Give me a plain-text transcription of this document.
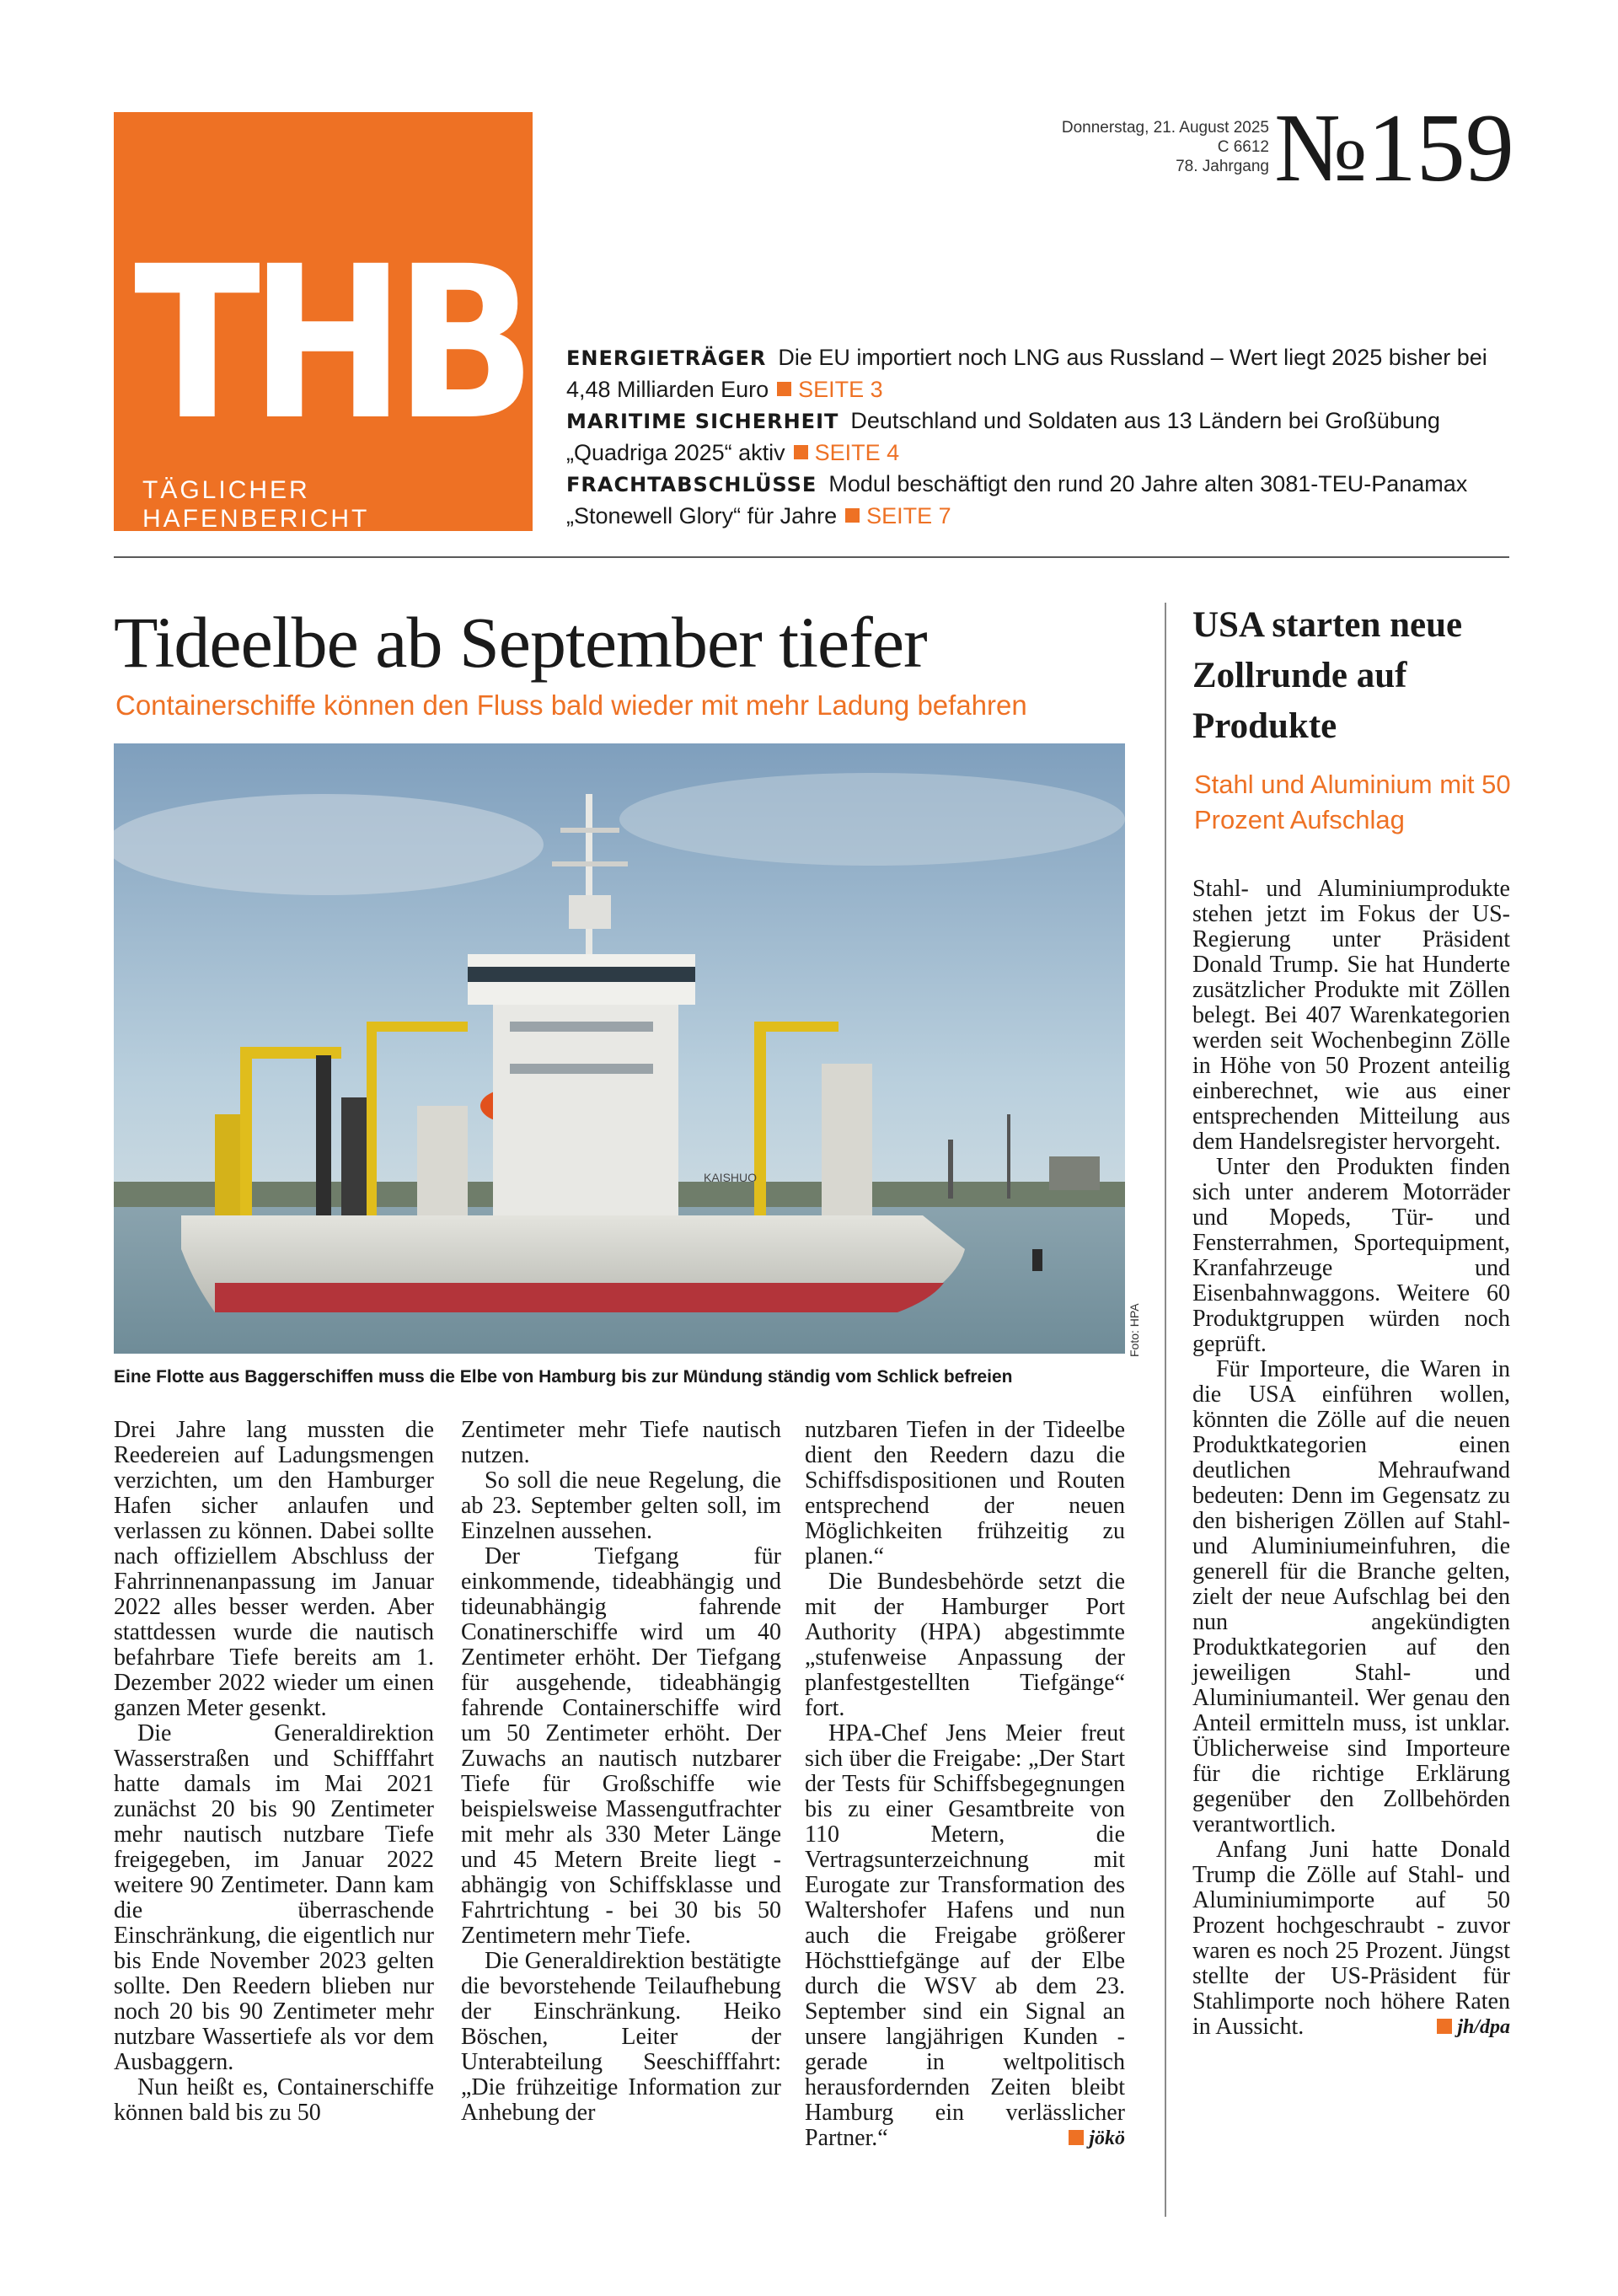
THB
TÄGLICHER HAFENBERICHT
Donnerstag, 21. August 2025
C 6612
78. Jahrgang №159
ENERGIETRÄGER Die EU importiert noch LNG aus Russland – Wert liegt 2025 bisher bei 4,48 Milliarden Euro SEITE 3
MARITIME SICHERHEIT Deutschland und Soldaten aus 13 Ländern bei Großübung „Quadriga 2025“ aktiv SEITE 4
FRACHTABSCHLÜSSE Modul beschäftigt den rund 20 Jahre alten 3081-TEU-Panamax „Stonewell Glory“ für Jahre SEITE 7
Tideelbe ab September tiefer
Containerschiffe können den Fluss bald wieder mit mehr Ladung befahren
KAISHUO
Foto: HPA
Eine Flotte aus Baggerschiffen muss die Elbe von Hamburg bis zur Mündung ständig vom Schlick befreien

Drei Jahre lang mussten die Reedereien auf Ladungsmengen verzichten, um den Hamburger Hafen sicher anlaufen und verlassen zu können. Dabei sollte nach offiziellem Abschluss der Fahrrinnenanpassung im Januar 2022 alles besser werden. Aber stattdessen wurde die nautisch befahrbare Tiefe bereits am 1. Dezember 2022 wieder um einen ganzen Meter gesenkt.

Die Generaldirektion Wasserstraßen und Schifffahrt hatte damals im Mai 2021 zunächst 20 bis 90 Zentimeter mehr nautisch nutzbare Tiefe freigegeben, im Januar 2022 weitere 90 Zentimeter. Dann kam die überraschende Einschränkung, die eigentlich nur bis Ende November 2023 gelten sollte. Den Reedern blieben nur noch 20 bis 90 Zentimeter mehr nutzbare Wassertiefe als vor dem Ausbaggern.

Nun heißt es, Containerschiffe können bald bis zu 50

Zentimeter mehr Tiefe nautisch nutzen.

So soll die neue Regelung, die ab 23. September gelten soll, im Einzelnen aussehen.

Der Tiefgang für einkommende, tideabhängig und tideunabhängig fahrende Conatinerschiffe wird um 40 Zentimeter erhöht. Der Tiefgang für ausgehende, tideabhängig fahrende Containerschiffe wird um 50 Zentimeter erhöht. Der Zuwachs an nautisch nutzbarer Tiefe für Großschiffe wie beispielsweise Massengutfrachter mit mehr als 330 Meter Länge und 45 Metern Breite liegt - abhängig von Schiffsklasse und Fahrtrichtung - bei 30 bis 50 Zentimetern mehr Tiefe.

Die Generaldirektion bestätigte die bevorstehende Teilaufhebung der Einschränkung. Heiko Böschen, Leiter der Unterabteilung Seeschifffahrt: „Die frühzeitige Information zur Anhebung der

nutzbaren Tiefen in der Tideelbe dient den Reedern dazu die Schiffsdispositionen und Routen entsprechend der neuen Möglichkeiten frühzeitig zu planen.“

Die Bundesbehörde setzt die mit der Hamburger Port Authority (HPA) abgestimmte „stufenweise Anpassung der planfestgestellten Tiefgänge“ fort.

HPA-Chef Jens Meier freut sich über die Freigabe: „Der Start der Tests für Schiffsbegegnungen bis zu einer Gesamtbreite von 110 Metern, die Vertragsunterzeichnung mit Eurogate zur Transformation des Waltershofer Hafens und nun auch die Freigabe größerer Höchsttiefgänge auf der Elbe durch die WSV ab dem 23. September sind ein Signal an unsere langjährigen Kunden - gerade in weltpolitisch herausfordernden Zeiten bleibt Hamburg ein verlässlicher Partner.“	jökö
USA starten neue Zollrunde auf Produkte
Stahl und Aluminium mit 50 Prozent Aufschlag

Stahl- und Aluminiumprodukte stehen jetzt im Fokus der US-Regierung unter Präsident Donald Trump. Sie hat Hunderte zusätzlicher Produkte mit Zöllen belegt. Bei 407 Warenkategorien werden seit Wochenbeginn Zölle in Höhe von 50 Prozent anteilig einberechnet, wie aus einer entsprechenden Mitteilung aus dem Handelsregister hervorgeht.

Unter den Produkten finden sich unter anderem Motorräder und Mopeds, Tür- und Fensterrahmen, Sportequipment, Kranfahrzeuge und Eisenbahnwaggons. Weitere 60 Produktgruppen würden noch geprüft.

Für Importeure, die Waren in die USA einführen wollen, könnten die Zölle auf die neuen Produktkategorien einen deutlichen Mehraufwand bedeuten: Denn im Gegensatz zu den bisherigen Zöllen auf Stahl- und Aluminiumeinfuhren, die generell für die Branche gelten, zielt der neue Aufschlag bei den nun angekündigten Produktkategorien auf den jeweiligen Stahl- und Aluminiumanteil. Wer genau den Anteil ermitteln muss, ist unklar. Üblicherweise sind Importeure für die richtige Erklärung gegenüber den Zollbehörden verantwortlich.

Anfang Juni hatte Donald Trump die Zölle auf Stahl- und Aluminiumimporte auf 50 Prozent hochgeschraubt - zuvor waren es noch 25 Prozent. Jüngst stellte der US-Präsident für Stahlimporte noch höhere Raten in Aussicht.	jh/dpa
